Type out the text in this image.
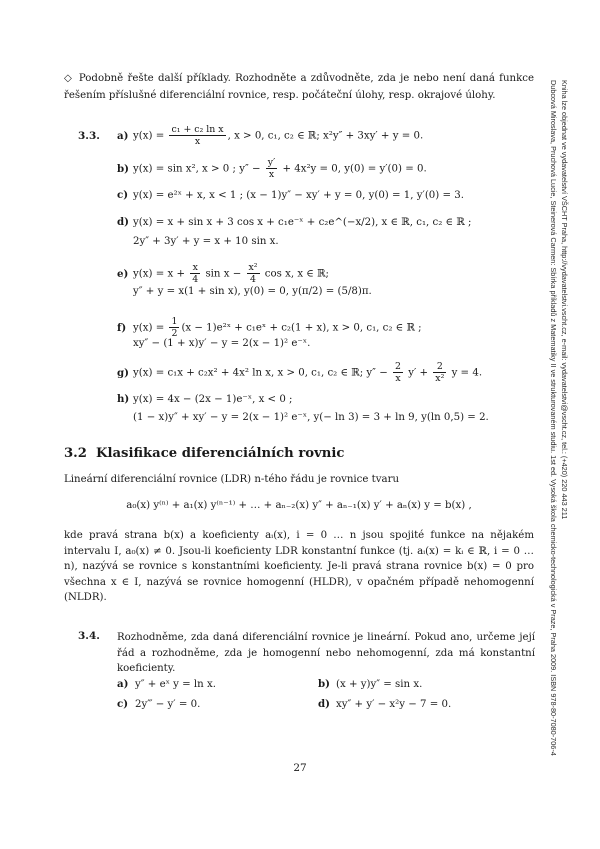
◇ Podobně řešte další příklady. Rozhodněte a zdůvodněte, zda je nebo není daná funkce řešením příslušné diferenciální rovnice, resp. počáteční úlohy, resp. okrajové úlohy.
3.3. a) $y(x) = \frac{\text{c₁ + c₂ ln x}}{x}$ , x > 0, c₁, c₂ ∈ ℝ; x²y″ + 3xy′ + y = 0.
b) y(x) = sin x², x > 0 ; $y'' - \frac{y'}{x} + 4x^2y = 0$, y(0) = y′(0) = 0.
c) y(x) = e²ˣ + x, x < 1 ; (x − 1)y″ − xy′ + y = 0, y(0) = 1, y′(0) = 3.
d) y(x) = x + sin x + 3 cos x + c₁e⁻ˣ + c₂e^(−x/2), x ∈ ℝ, c₁, c₂ ∈ ℝ ;
2y″ + 3y′ + y = x + 10 sin x.
e) $y(x) = x + \frac{x}{4}$ $\sin x - \frac{\text{x²}}{4}$ cos x, x ∈ ℝ;
y″ + y = x(1 + sin x), y(0) = 0, y(π/2) = (5/8)π.
f) $y(x) = \frac{1}{2} (x$ − 1)e²ˣ + c₁eˣ + c₂(1 + x), x > 0, c₁, c₂ ∈ ℝ ;
xy″ − (1 + x)y′ − y = 2(x − 1)² e⁻ˣ.
g) y(x) = c₁x + c₂x² + 4x² ln x, x > 0, c₁, c₂ ∈ ℝ; $y'' - \frac{2}{x} y' + \frac{2}{\text{x²}}$ y = 4.
h) y(x) = 4x − (2x − 1)e⁻ˣ, x < 0 ;
(1 − x)y″ + xy′ − y = 2(x − 1)² e⁻ˣ, y(− ln 3) = 3 + ln 9, y(ln 0,5) = 2.
3.2 Klasifikace diferenciálních rovnic
Lineární diferenciální rovnice (LDR) n-tého řádu je rovnice tvaru
a₀(x) y⁽ⁿ⁾ + a₁(x) y⁽ⁿ⁻¹⁾ + … + aₙ₋₂(x) y″ + aₙ₋₁(x) y′ + aₙ(x) y = b(x) ,
kde pravá strana b(x) a koeficienty aᵢ(x), i = 0 … n jsou spojité funkce na nějakém intervalu I, a₀(x) ≠ 0. Jsou-li koeficienty LDR konstantní funkce (tj. aᵢ(x) = kᵢ ∈ ℝ, i = 0 … n), nazývá se rovnice s konstantními koeficienty. Je-li pravá strana rovnice b(x) = 0 pro všechna x ∈ I, nazývá se rovnice homogenní (HLDR), v opačném případě nehomogenní (NLDR).
3.4. Rozhodněme, zda daná diferenciální rovnice je lineární. Pokud ano, určeme její řád a rozhodněme, zda je homogenní nebo nehomogenní, zda má konstantní koeficienty.
a) y″ + eˣ y = ln x.	b) (x + y)y″ = sin x.
c) 2y‴ − y′ = 0.	d) xy″ + y′ − x²y − 7 = 0.
27
Dubcová Miroslava, Pruchová Lucie, Steinerová Carmen: Sbírka příkladů z Matematiky II ve strukturovaném studiu. 1st ed. Vysoká škola chemicko-technologická v Praze, Praha 2009. ISBN 978-80-7080-706-4 Kniha lze objednat ve vydavatelství VŠCHT Praha, http://vydavatelstvi.vscht.cz, e-mail: vydavatelstvi@vscht.cz, tel.: (+420) 220 443 211
